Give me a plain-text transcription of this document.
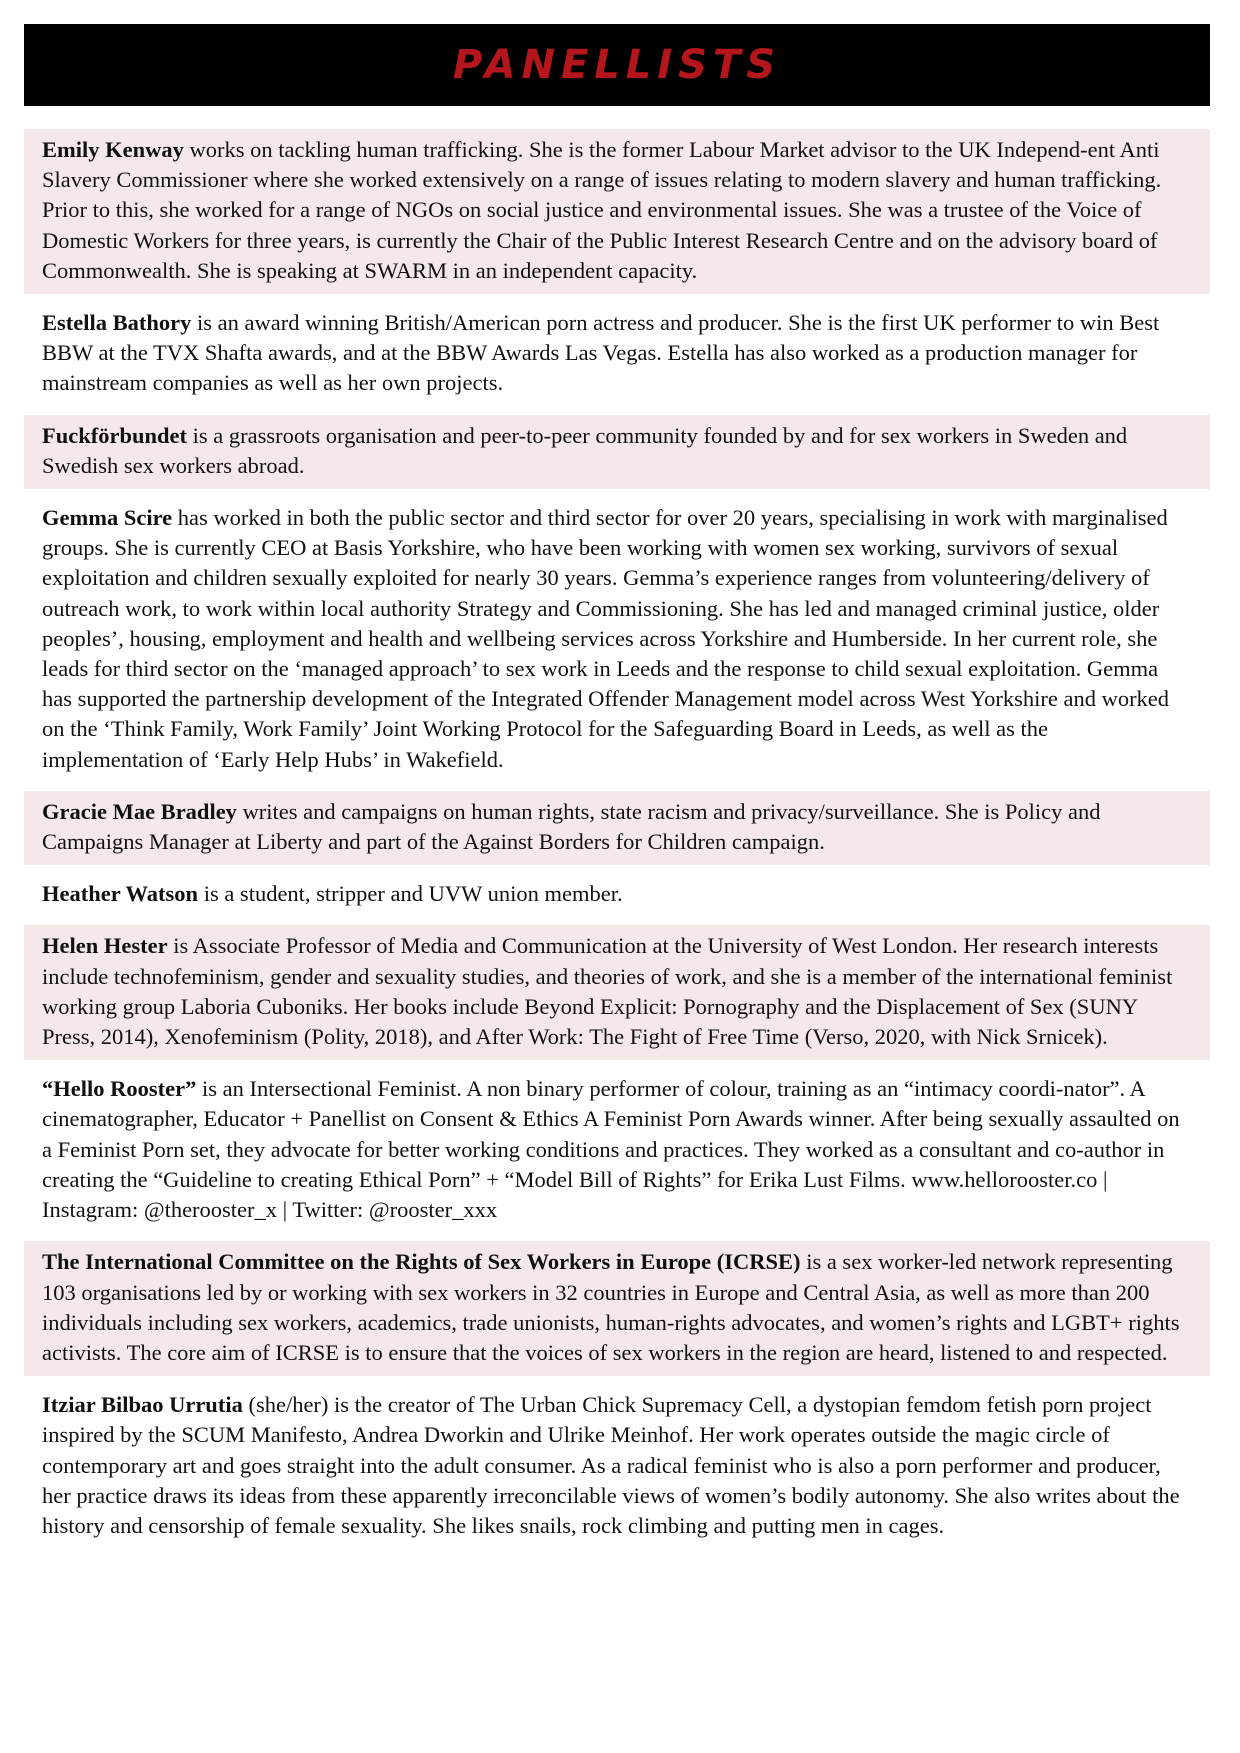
PANELLISTS
Emily Kenway works on tackling human trafficking. She is the former Labour Market advisor to the UK Independ-ent Anti Slavery Commissioner where she worked extensively on a range of issues relating to modern slavery and human trafficking. Prior to this, she worked for a range of NGOs on social justice and environmental issues. She was a trustee of the Voice of Domestic Workers for three years, is currently the Chair of the Public Interest Research Centre and on the advisory board of Commonwealth. She is speaking at SWARM in an independent capacity.
Estella Bathory is an award winning British/American porn actress and producer. She is the first UK performer to win Best BBW at the TVX Shafta awards, and at the BBW Awards Las Vegas. Estella has also worked as a production manager for mainstream companies as well as her own projects.
Fuckförbundet is a grassroots organisation and peer-to-peer community founded by and for sex workers in Sweden and Swedish sex workers abroad.
Gemma Scire has worked in both the public sector and third sector for over 20 years, specialising in work with marginalised groups. She is currently CEO at Basis Yorkshire, who have been working with women sex working, survivors of sexual exploitation and children sexually exploited for nearly 30 years. Gemma’s experience ranges from volunteering/delivery of outreach work, to work within local authority Strategy and Commissioning. She has led and managed criminal justice, older peoples’, housing, employment and health and wellbeing services across Yorkshire and Humberside. In her current role, she leads for third sector on the ‘managed approach’ to sex work in Leeds and the response to child sexual exploitation. Gemma has supported the partnership development of the Integrated Offender Management model across West Yorkshire and worked on the ‘Think Family, Work Family’ Joint Working Protocol for the Safeguarding Board in Leeds, as well as the implementation of ‘Early Help Hubs’ in Wakefield.
Gracie Mae Bradley writes and campaigns on human rights, state racism and privacy/surveillance. She is Policy and Campaigns Manager at Liberty and part of the Against Borders for Children campaign.
Heather Watson is a student, stripper and UVW union member.
Helen Hester is Associate Professor of Media and Communication at the University of West London. Her research interests include technofeminism, gender and sexuality studies, and theories of work, and she is a member of the international feminist working group Laboria Cuboniks. Her books include Beyond Explicit: Pornography and the Displacement of Sex (SUNY Press, 2014), Xenofeminism (Polity, 2018), and After Work: The Fight of Free Time (Verso, 2020, with Nick Srnicek).
“Hello Rooster” is an Intersectional Feminist. A non binary performer of colour, training as an “intimacy coordi-nator”. A cinematographer, Educator + Panellist on Consent & Ethics A Feminist Porn Awards winner. After being sexually assaulted on a Feminist Porn set, they advocate for better working conditions and practices. They worked as a consultant and co-author in creating the “Guideline to creating Ethical Porn” + “Model Bill of Rights” for Erika Lust Films. www.hellorooster.co | Instagram: @therooster_x | Twitter: @rooster_xxx
The International Committee on the Rights of Sex Workers in Europe (ICRSE) is a sex worker-led network representing 103 organisations led by or working with sex workers in 32 countries in Europe and Central Asia, as well as more than 200 individuals including sex workers, academics, trade unionists, human-rights advocates, and women’s rights and LGBT+ rights activists. The core aim of ICRSE is to ensure that the voices of sex workers in the region are heard, listened to and respected.
Itziar Bilbao Urrutia (she/her) is the creator of The Urban Chick Supremacy Cell, a dystopian femdom fetish porn project inspired by the SCUM Manifesto, Andrea Dworkin and Ulrike Meinhof. Her work operates outside the magic circle of contemporary art and goes straight into the adult consumer. As a radical feminist who is also a porn performer and producer, her practice draws its ideas from these apparently irreconcilable views of women’s bodily autonomy. She also writes about the history and censorship of female sexuality. She likes snails, rock climbing and putting men in cages.
